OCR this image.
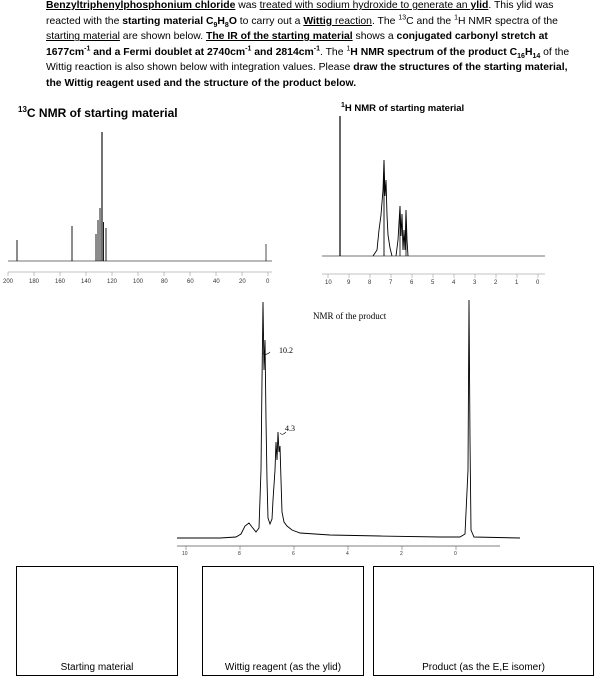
Benzyltriphenylphosphonium chloride was treated with sodium hydroxide to generate an ylid. This ylid was reacted with the starting material $C_9H_8O$ to carry out a Wittig reaction. The $^{13}$C and the $^1$H NMR spectra of the starting material are shown below. The IR of the starting material shows a conjugated carbonyl stretch at $1677cm^{-1}$ and a Fermi doublet at $2740cm^{-1}$ and $2814cm^{-1}$. The $^1$H NMR spectrum of the product $C_{16}H_{14}$ of the Wittig reaction is also shown below with integration values. Please draw the structures of the starting material, the Wittig reagent used and the structure of the product below.
$^{13}$C NMR of starting material
$^1$H NMR of starting material
200	180	160	140	120	100	80	60	40	20	0	10	9	8	7	6	5	4	3	2	1	0
NMR of the product
10.2
4.3
10	8	6	4	2	0
Starting material	Wittig reagent (as the ylid)	Product (as the E,E isomer)
